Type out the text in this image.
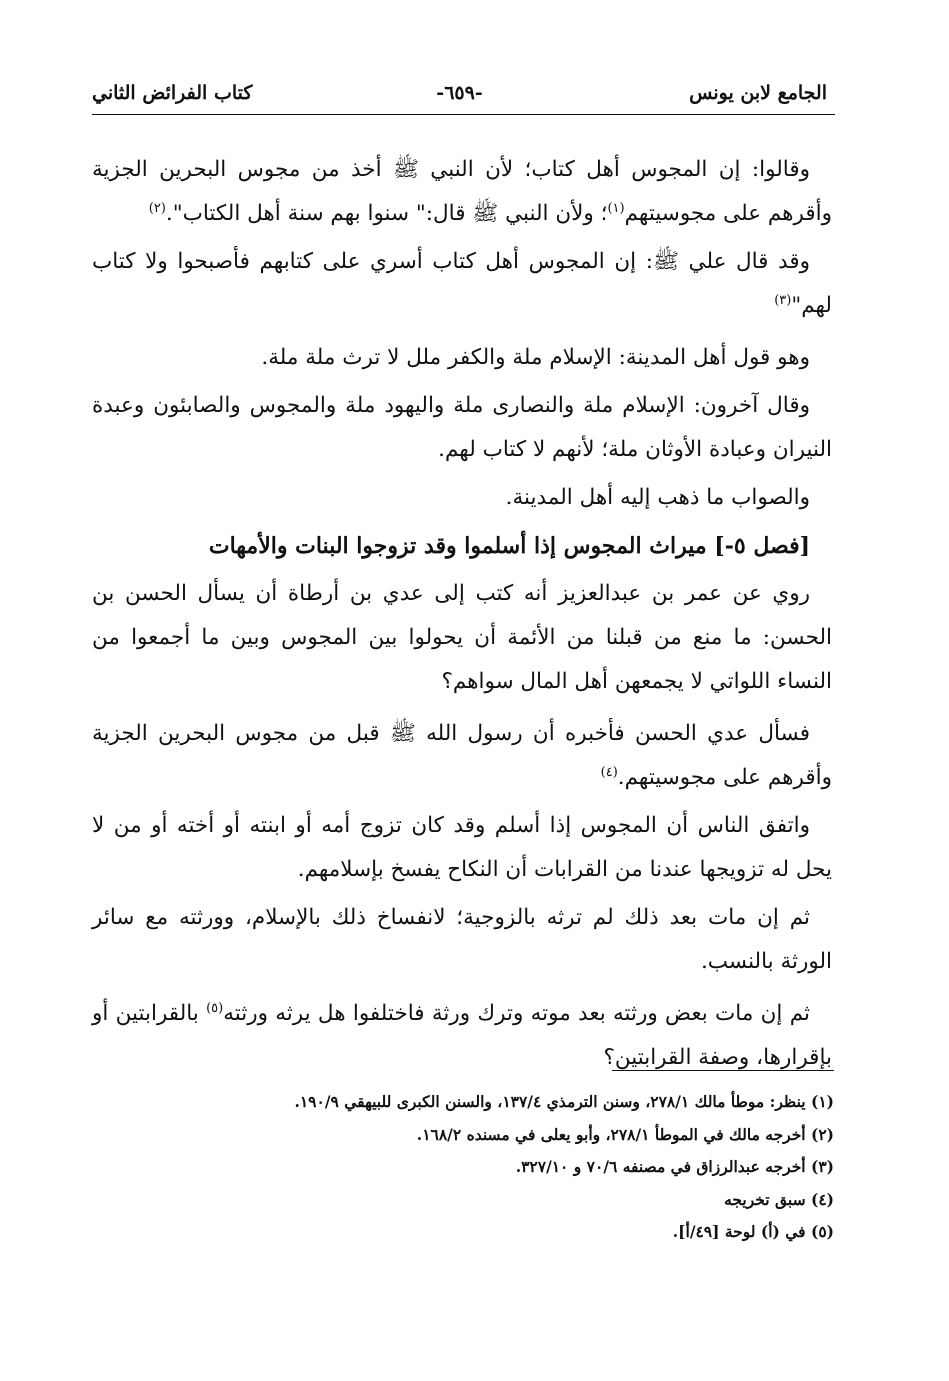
الجامع لابن يونس
-٦٥٩-
كتاب الفرائض الثاني

وقالوا: إن المجوس أهل كتاب؛ لأن النبي ﷺ أخذ من مجوس البحرين الجزية وأقرهم على مجوسيتهم$^{(١)}$؛ ولأن النبي ﷺ قال:" سنوا بهم سنة أهل الكتاب".$^{(٢)}$

وقد قال علي ﷺ: إن المجوس أهل كتاب أسري على كتابهم فأصبحوا ولا كتاب لهم"$^{(٣)}$

وهو قول أهل المدينة: الإسلام ملة والكفر ملل لا ترث ملة ملة.

وقال آخرون: الإسلام ملة والنصارى ملة واليهود ملة والمجوس والصابئون وعبدة النيران وعبادة الأوثان ملة؛ لأنهم لا كتاب لهم.

والصواب ما ذهب إليه أهل المدينة.

[فصل ٥-] ميراث المجوس إذا أسلموا وقد تزوجوا البنات والأمهات

روي عن عمر بن عبدالعزيز أنه كتب إلى عدي بن أرطاة أن يسأل الحسن بن الحسن: ما منع من قبلنا من الأئمة أن يحولوا بين المجوس وبين ما أجمعوا من النساء اللواتي لا يجمعهن أهل المال سواهم؟

فسأل عدي الحسن فأخبره أن رسول الله ﷺ قبل من مجوس البحرين الجزية وأقرهم على مجوسيتهم.$^{(٤)}$

واتفق الناس أن المجوس إذا أسلم وقد كان تزوج أمه أو ابنته أو أخته أو من لا يحل له تزويجها عندنا من القرابات أن النكاح يفسخ بإسلامهم.

ثم إن مات بعد ذلك لم ترثه بالزوجية؛ لانفساخ ذلك بالإسلام، وورثته مع سائر الورثة بالنسب.

ثم إن مات بعض ورثته بعد موته وترك ورثة فاختلفوا هل يرثه ورثته$^{(٥)}$ بالقرابتين أو بإقرارها، وصفة القرابتين؟

(١) ينظر: موطأ مالك ٢٧٨/١، وسنن الترمذي ١٣٧/٤، والسنن الكبرى للبيهقي ١٩٠/٩.

(٢) أخرجه مالك في الموطأ ٢٧٨/١، وأبو يعلى في مسنده ١٦٨/٢.

(٣) أخرجه عبدالرزاق في مصنفه ٧٠/٦ و ٣٢٧/١٠.

(٤) سبق تخريجه

(٥) في (أ) لوحة [٤٩/أ].
